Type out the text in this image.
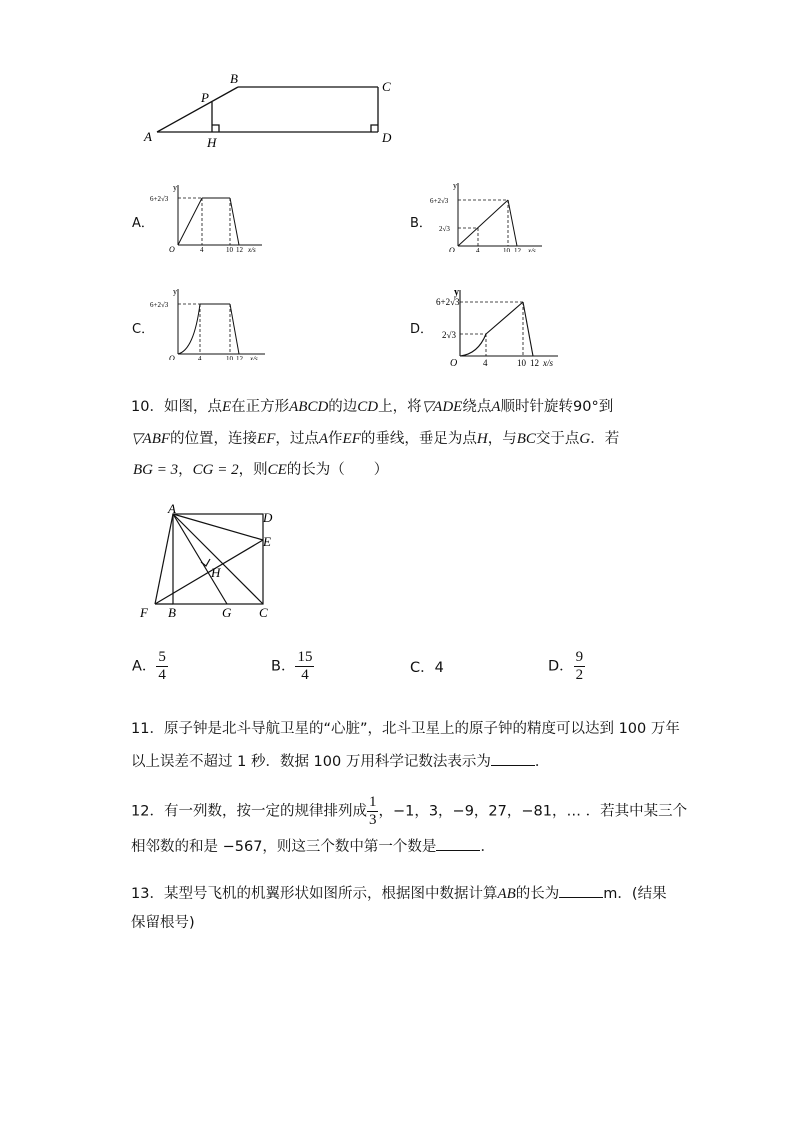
A
B
C
D
P
H
A．
y
6+2√3
O	4	10 12 x/s
B．
y
6+2√3
2√3
O	4	10 12 x/s
C．
y
6+2√3
O	4	10 12 x/s
D．
y
6+2√3
2√3
O	4	10 12 x/s
10．如图，点E在正方形ABCD的边CD上，将▽ADE绕点A顺时针旋转90°到
▽ABF的位置，连接EF，过点A作EF的垂线，垂足为点H，与BC交于点G．若
BG = 3，CG = 2，则CE的长为（　　）
A
D
E
H
F B	G C
A． $\frac{5}{4}$	B． $\frac{15}{4}$	C．4	D． $\frac{9}{2}$
11．原子钟是北斗导航卫星的“心脏”，北斗卫星上的原子钟的精度可以达到 100 万年
以上误差不超过 1 秒．数据 100 万用科学记数法表示为	．
12．有一列数，按一定的规律排列成 $\frac{1}{3}$ ，−1，3，−9，27，−81，… ．若其中某三个
相邻数的和是 −567，则这三个数中第一个数是	．
13．某型号飞机的机翼形状如图所示，根据图中数据计算AB的长为	m．(结果
保留根号)
